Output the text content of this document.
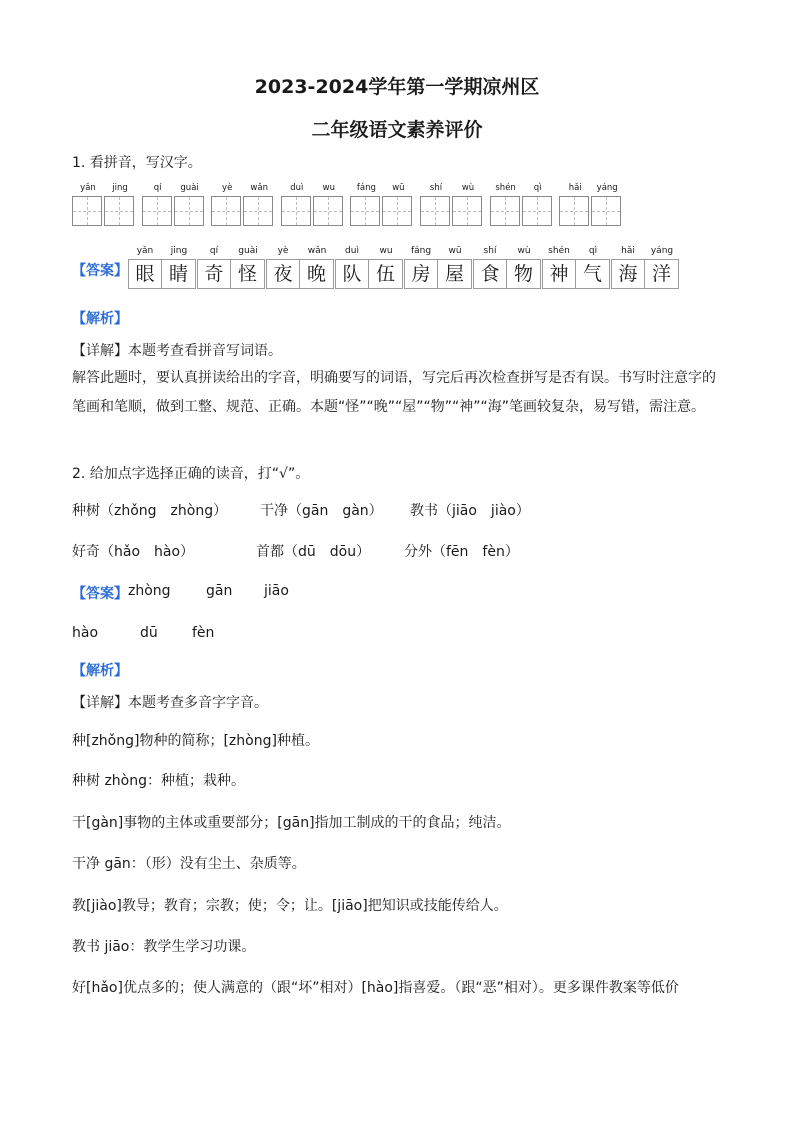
2023-2024学年第一学期凉州区
二年级语文素养评价
1. 看拼音，写汉字。
yǎn	jing	qí	guài	yè	wǎn	duì	wu	fáng	wū	shí	wù	shén	qì	hǎi	yáng
【答案】
yǎn	jing
眼 睛
qí	guài
奇 怪
yè	wǎn
夜 晚
duì	wu
队 伍
fáng	wū
房 屋
shí	wù
食 物
shén	qì
神 气
hǎi	yáng
海 洋
【解析】
【详解】本题考查看拼音写词语。
解答此题时，要认真拼读给出的字音，明确要写的词语，写完后再次检查拼写是否有误。书写时注意字的笔画和笔顺，做到工整、规范、正确。本题“怪”“晚”“屋”“物”“神”“海”笔画较复杂，易写错，需注意。
2. 给加点字选择正确的读音，打“√”。
种树（zhǒng　zhòng） 干净（gān　gàn） 教书（jiāo　jiào）
好奇（hǎo　hào）	首都（dū　dōu） 分外（fēn　fèn）
【答案】 zhòng	gān jiāo
hào	dū fèn
【解析】
【详解】本题考查多音字字音。
种[zhǒng]物种的简称；[zhòng]种植。
种树 zhòng：种植；栽种。
干[gàn]事物的主体或重要部分；[gān]指加工制成的干的食品；纯洁。
干净 gān：（形）没有尘土、杂质等。
教[jiào]教导；教育；宗教；使；令；让。[jiāo]把知识或技能传给人。
教书 jiāo：教学生学习功课。
好[hǎo]优点多的；使人满意的（跟“坏”相对）[hào]指喜爱。（跟“恶”相对）。更多课件教案等低价
